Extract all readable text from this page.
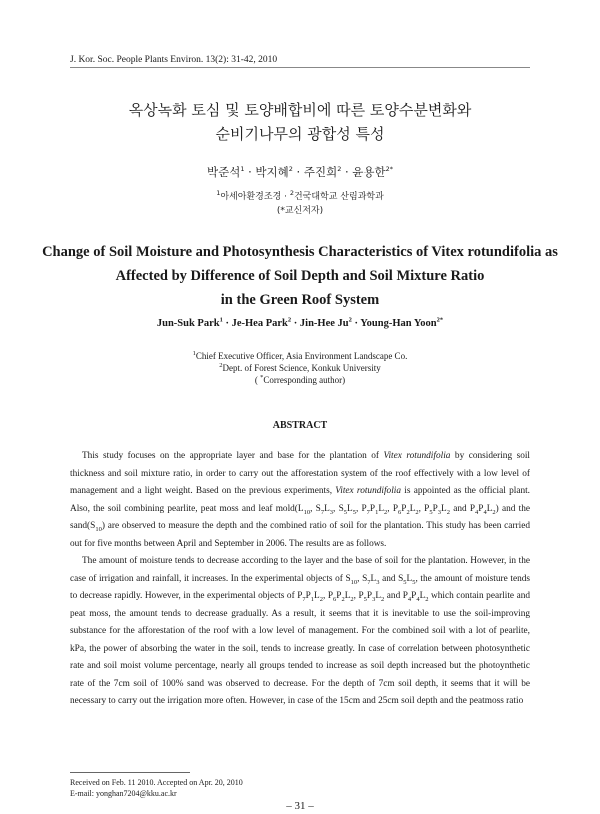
J. Kor. Soc. People Plants Environ. 13(2): 31-42, 2010
옥상녹화 토심 및 토양배합비에 따른 토양수분변화와
순비기나무의 광합성 특성
박준석$^1$ · 박지혜$^2$ · 주진희$^2$ · 윤용한$^{2*}$
$^1$아세아환경조경 · $^2$건국대학교 산림과학과
(*교신저자)
Change of Soil Moisture and Photosynthesis Characteristics of Vitex rotundifolia as
Affected by Difference of Soil Depth and Soil Mixture Ratio
in the Green Roof System
Jun-Suk Park$^1$ · Je-Hea Park$^2$ · Jin-Hee $Ju^2$ · Young-Han Yoon$^{2*}$
$^1$Chief Executive Officer, Asia Environment Landscape Co.
$^2$Dept. of Forest Science, Konkuk University
( *Corresponding author)
ABSTRACT

This study focuses on the appropriate layer and base for the plantation of Vitex rotundifolia by considering soil thickness and soil mixture ratio, in order to carry out the afforestation system of the roof effectively with a low level of management and a light weight. Based on the previous experiments, Vitex rotundifolia is appointed as the official plant. Also, the soil combining pearlite, peat moss and leaf $mold(L_{10}$, $S_7L_3$, $S_5L_5$, $P_7P_1L_2$, $P_6P_2L_2$, $P_5P_3L_2$ and $P_4P_4L_2$) and the $sand(S_{10})$ are observed to measure the depth and the combined ratio of soil for the plantation. This study has been carried out for five months between April and September in 2006. The results are as follows.

The amount of moisture tends to decrease according to the layer and the base of soil for the plantation. However, in the case of irrigation and rainfall, it increases. In the experimental objects of $S_{10}$, $S_7L_3$ and $S_5L_5$, the amount of moisture tends to decrease rapidly. However, in the experimental objects of $P_7P_1L_2$, $P_6P_2L_2$, $P_5P_3L_2$ and $P_4P_4L_2$ which contain pearlite and peat moss, the amount tends to decrease gradually. As a result, it seems that it is inevitable to use the soil-improving substance for the afforestation of the roof with a low level of management. For the combined soil with a lot of pearlite, kPa, the power of absorbing the water in the soil, tends to increase greatly. In case of correlation between photosynthetic rate and soil moist volume percentage, nearly all groups tended to increase as soil depth increased but the photoynthetic rate of the 7cm soil of 100% sand was observed to decrease. For the depth of 7cm soil depth, it seems that it will be necessary to carry out the irrigation more often. However, in case of the 15cm and 25cm soil depth and the peatmoss ratio

Received on Feb. 11 2010. Accepted on Apr. 20, 2010
E-mail: yonghan7204@kku.ac.kr
‒ 31 ‒
